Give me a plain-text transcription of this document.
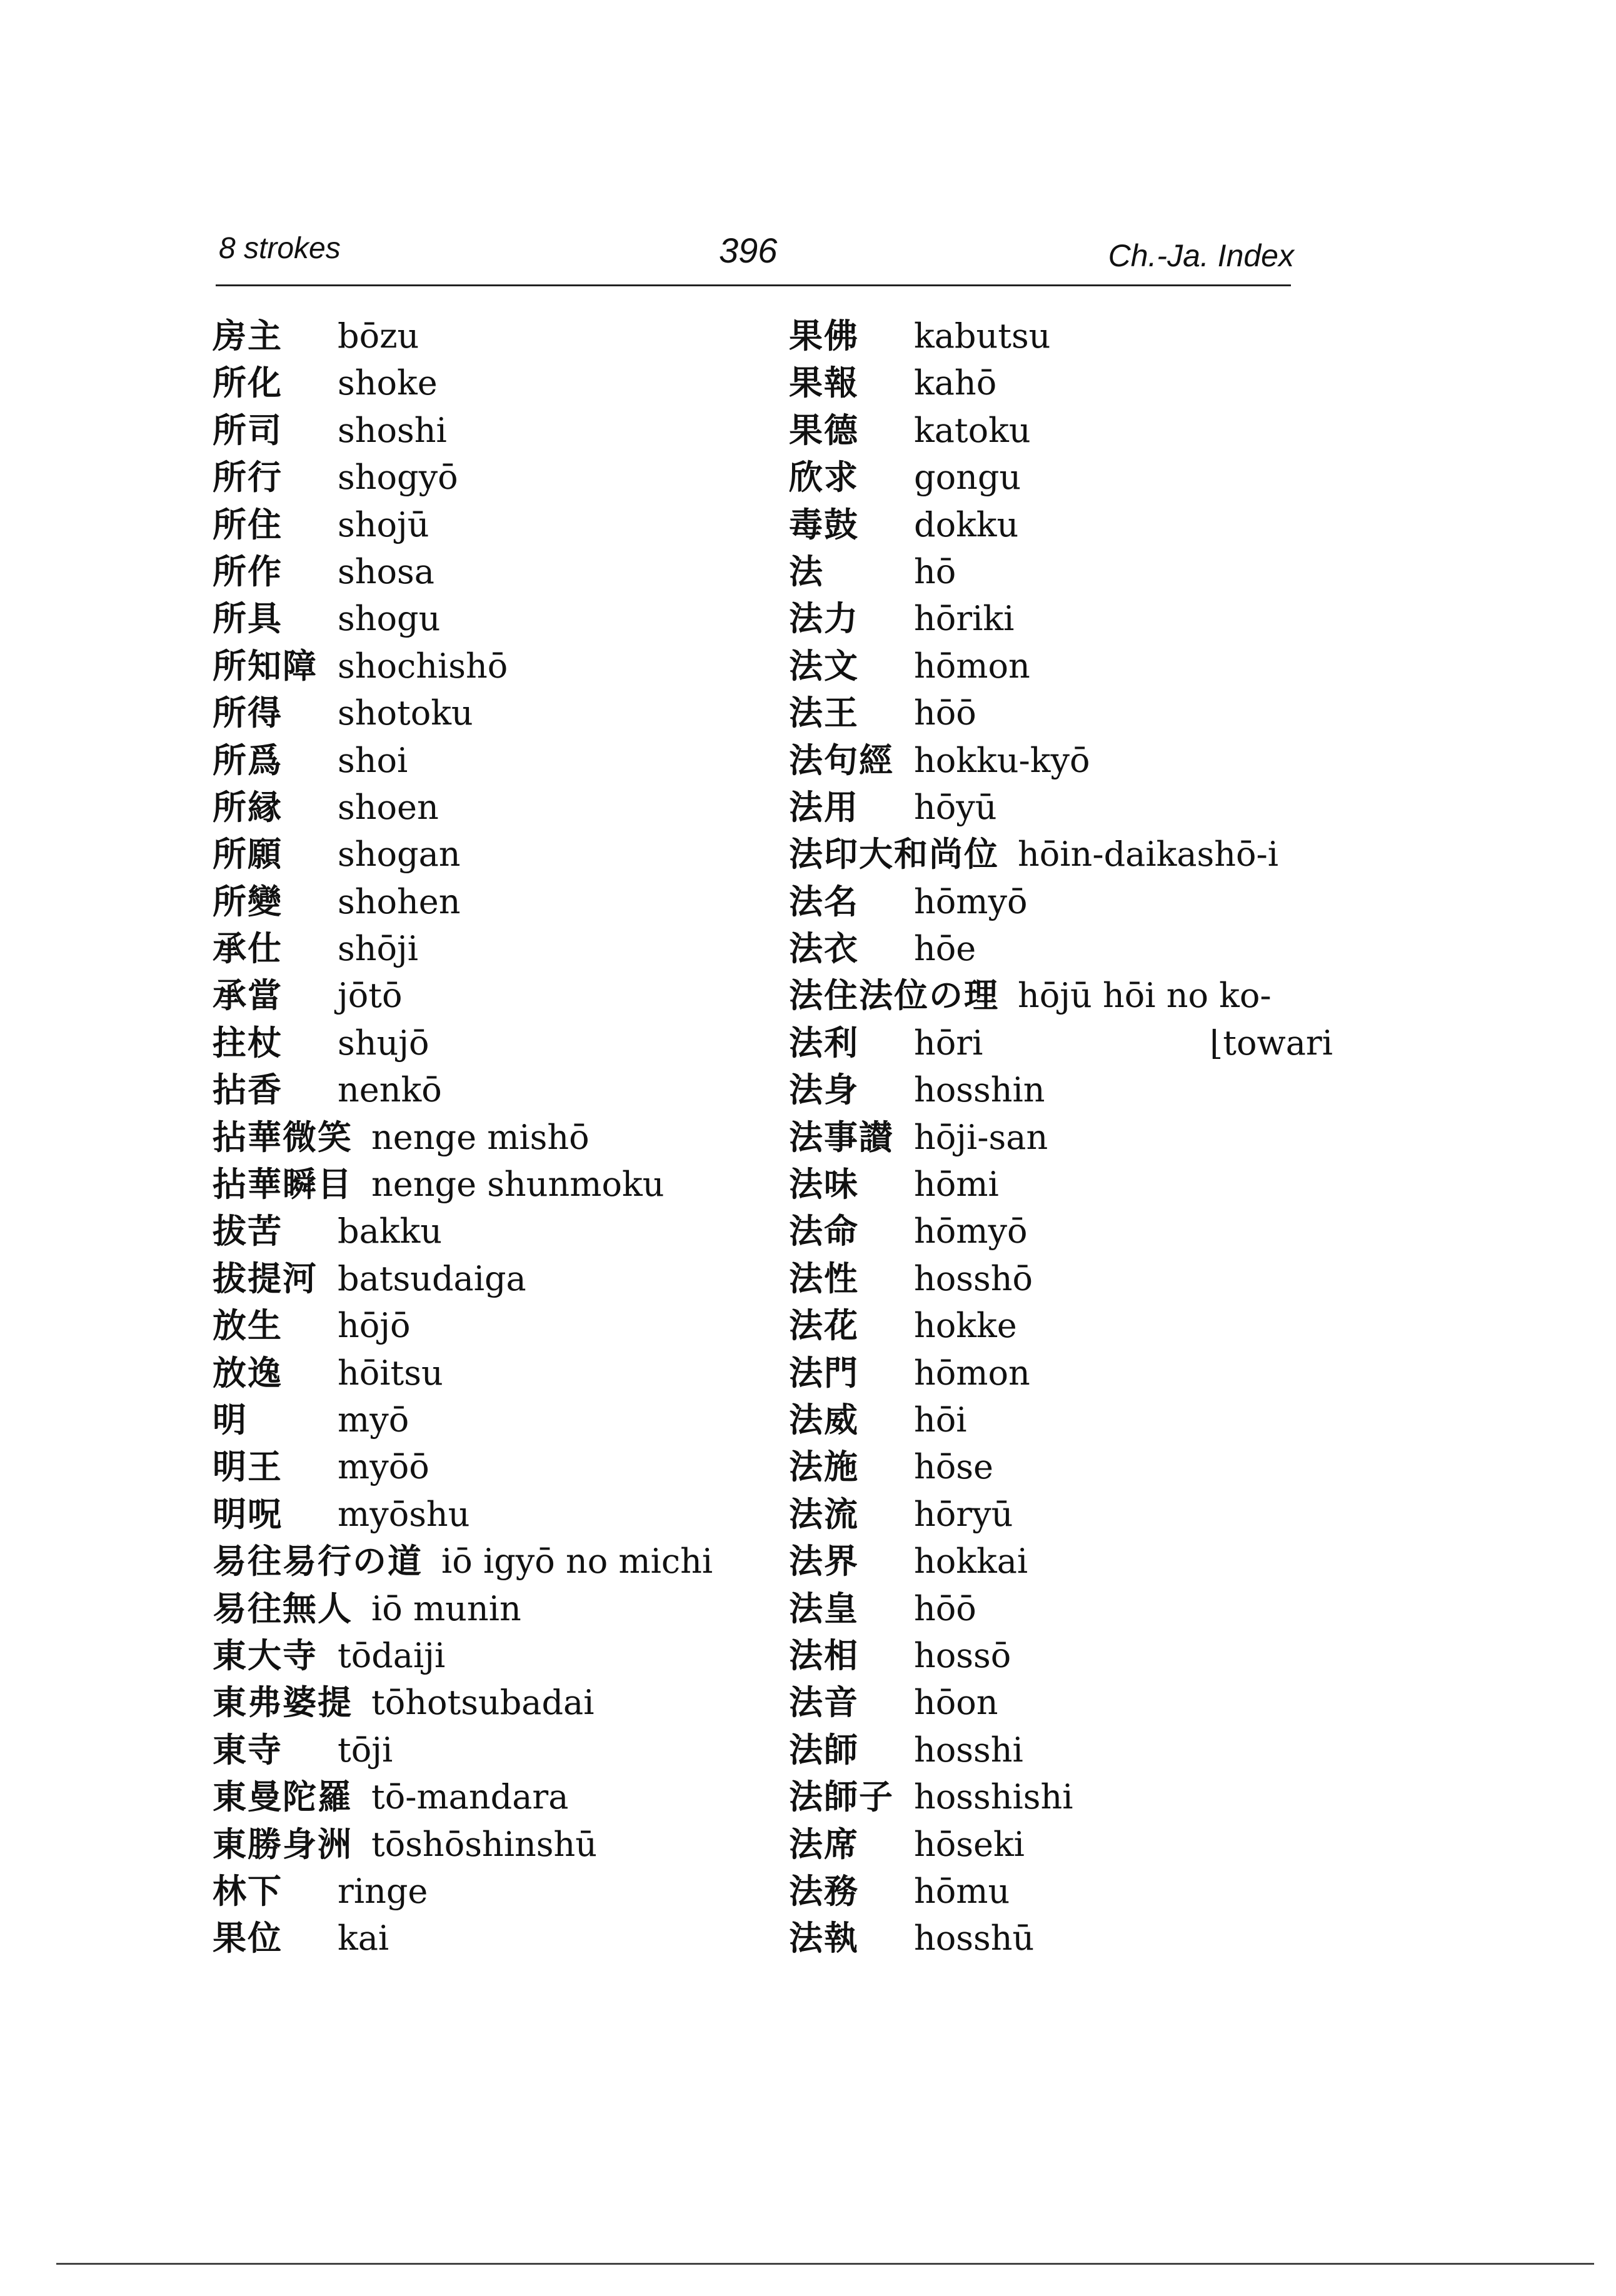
8 strokes	396	Ch.-Ja. Index
房主 bōzu
所化 shoke
所司 shoshi
所行 shogyō
所住 shojū
所作 shosa
所具 shogu
所知障 shochishō
所得 shotoku
所爲 shoi
所縁 shoen
所願 shogan
所變 shohen
承仕 shōji
承當 jōtō
拄杖 shujō
拈香 nenkō
拈華微笑 nenge mishō
拈華瞬目 nenge shunmoku
拔苦 bakku
拔提河 batsudaiga
放生 hōjō
放逸 hōitsu
明	myō
明王 myōō
明呪 myōshu
易往易行の道 iō igyō no michi
易往無人 iō munin
東大寺 tōdaiji
東弗婆提 tōhotsubadai
東寺 tōji
東曼陀羅 tō-mandara
東勝身洲 tōshōshinshū
林下 ringe
果位 kai
果佛 kabutsu
果報 kahō
果德 katoku
欣求 gongu
毒鼓 dokku
法	hō
法力 hōriki
法文 hōmon
法王 hōō
法句經 hokku-kyō
法用 hōyū
法印大和尚位 hōin-daikashō-i
法名 hōmyō
法衣 hōe
法住法位の理 hōjū hōi no ko-
法利 hōri	⌊towari
法身 hosshin
法事讃 hōji-san
法味 hōmi
法命 hōmyō
法性 hosshō
法花 hokke
法門 hōmon
法威 hōi
法施 hōse
法流 hōryū
法界 hokkai
法皇 hōō
法相 hossō
法音 hōon
法師 hosshi
法師子 hosshishi
法席 hōseki
法務 hōmu
法執 hosshū
